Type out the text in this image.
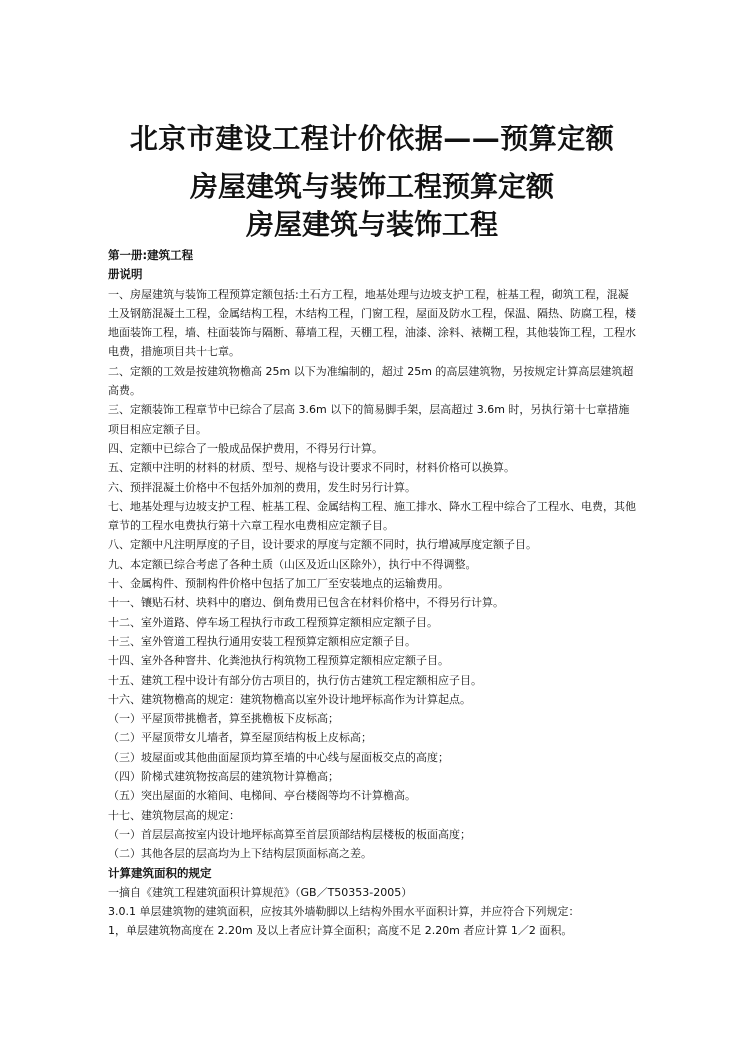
北京市建设工程计价依据——预算定额
房屋建筑与装饰工程预算定额
房屋建筑与装饰工程

第一册:建筑工程

册说明

一、房屋建筑与装饰工程预算定额包括:土石方工程，地基处理与边坡支护工程，桩基工程，砌筑工程，混凝土及钢筋混凝土工程，金属结构工程，木结构工程，门窗工程，屋面及防水工程，保温、隔热、防腐工程，楼地面装饰工程，墙、柱面装饰与隔断、幕墙工程，天棚工程，油漆、涂料、裱糊工程，其他装饰工程，工程水电费，措施项目共十七章。

二、定额的工效是按建筑物檐高 25m 以下为准编制的，超过 25m 的高层建筑物，另按规定计算高层建筑超高费。

三、定额装饰工程章节中已综合了层高 3.6m 以下的简易脚手架，层高超过 3.6m 时，另执行第十七章措施项目相应定额子目。

四、定额中已综合了一般成品保护费用，不得另行计算。

五、定额中注明的材料的材质、型号、规格与设计要求不同时，材料价格可以换算。

六、预拌混凝土价格中不包括外加剂的费用，发生时另行计算。

七、地基处理与边坡支护工程、桩基工程、金属结构工程、施工排水、降水工程中综合了工程水、电费，其他章节的工程水电费执行第十六章工程水电费相应定额子目。

八、定额中凡注明厚度的子目，设计要求的厚度与定额不同时，执行增减厚度定额子目。

九、本定额已综合考虑了各种土质（山区及近山区除外），执行中不得调整。

十、金属构件、预制构件价格中包括了加工厂至安装地点的运输费用。

十一、镶贴石材、块料中的磨边、倒角费用已包含在材料价格中，不得另行计算。

十二、室外道路、停车场工程执行市政工程预算定额相应定额子目。

十三、室外管道工程执行通用安装工程预算定额相应定额子目。

十四、室外各种窨井、化粪池执行构筑物工程预算定额相应定额子目。

十五、建筑工程中设计有部分仿古项目的，执行仿古建筑工程定额相应子目。

十六、建筑物檐高的规定：建筑物檐高以室外设计地坪标高作为计算起点。

（一）平屋顶带挑檐者，算至挑檐板下皮标高；

（二）平屋顶带女儿墙者，算至屋顶结构板上皮标高；

（三）坡屋面或其他曲面屋顶均算至墙的中心线与屋面板交点的高度；

（四）阶梯式建筑物按高层的建筑物计算檐高；

（五）突出屋面的水箱间、电梯间、亭台楼阁等均不计算檐高。

十七、建筑物层高的规定：

（一）首层层高按室内设计地坪标高算至首层顶部结构层楼板的板面高度；

（二）其他各层的层高均为上下结构层顶面标高之差。

计算建筑面积的规定

一摘自《建筑工程建筑面积计算规范》（GB／T50353-2005）

3.0.1 单层建筑物的建筑面积，应按其外墙勒脚以上结构外围水平面积计算，并应符合下列规定：

1，单层建筑物高度在 2.20m 及以上者应计算全面积；高度不足 2.20m 者应计算 1／2 面积。
